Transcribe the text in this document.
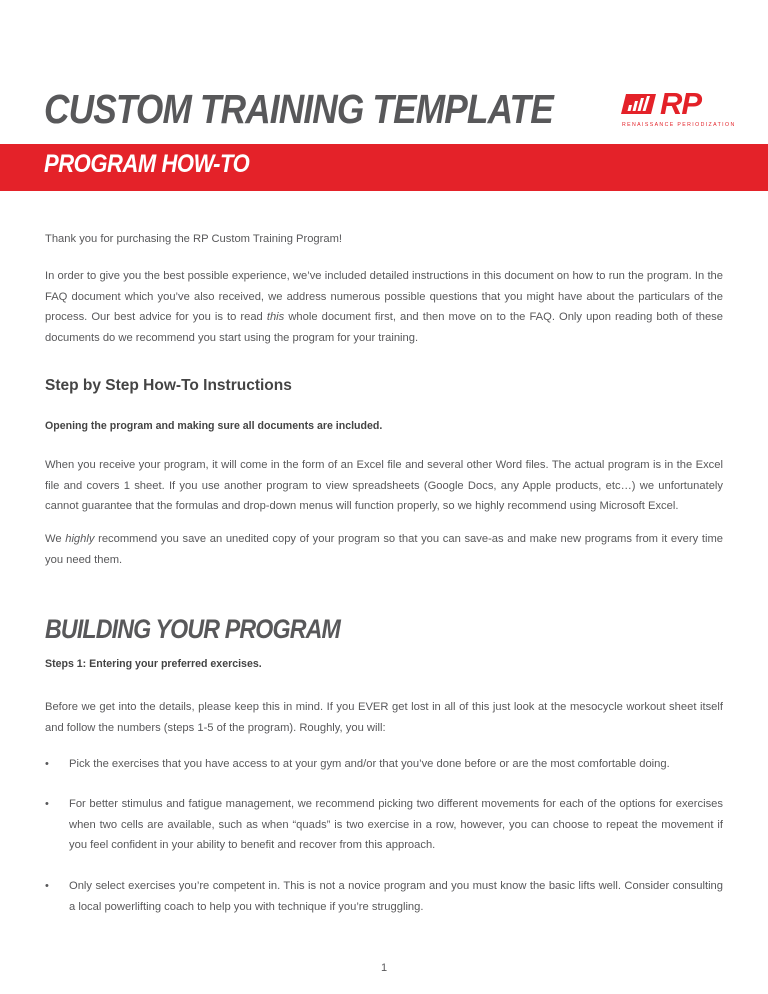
CUSTOM TRAINING TEMPLATE	RP
RENAISSANCE PERIODIZATION
PROGRAM HOW-TO

Thank you for purchasing the RP Custom Training Program!

In order to give you the best possible experience, we’ve included detailed instructions in this document on how to run the program. In the FAQ document which you’ve also received, we address numerous possible questions that you might have about the particulars of the process. Our best advice for you is to read this whole document first, and then move on to the FAQ. Only upon reading both of these documents do we recommend you start using the program for your training.

Step by Step How-To Instructions
Opening the program and making sure all documents are included.

When you receive your program, it will come in the form of an Excel file and several other Word files. The actual program is in the Excel file and covers 1 sheet. If you use another program to view spreadsheets (Google Docs, any Apple products, etc…) we unfortunately cannot guarantee that the formulas and drop-down menus will function properly, so we highly recommend using Microsoft Excel.

We highly recommend you save an unedited copy of your program so that you can save-as and make new programs from it every time you need them.

BUILDING YOUR PROGRAM
Steps 1: Entering your preferred exercises.

Before we get into the details, please keep this in mind. If you EVER get lost in all of this just look at the mesocycle workout sheet itself and follow the numbers (steps 1-5 of the program). Roughly, you will:

• Pick the exercises that you have access to at your gym and/or that you’ve done before or are the most comfortable doing.

• For better stimulus and fatigue management, we recommend picking two different movements for each of the options for exercises when two cells are available, such as when “quads” is two exercise in a row, however, you can choose to repeat the movement if you feel confident in your ability to benefit and recover from this approach.

• Only select exercises you’re competent in. This is not a novice program and you must know the basic lifts well. Consider consulting a local powerlifting coach to help you with technique if you’re struggling.

1
